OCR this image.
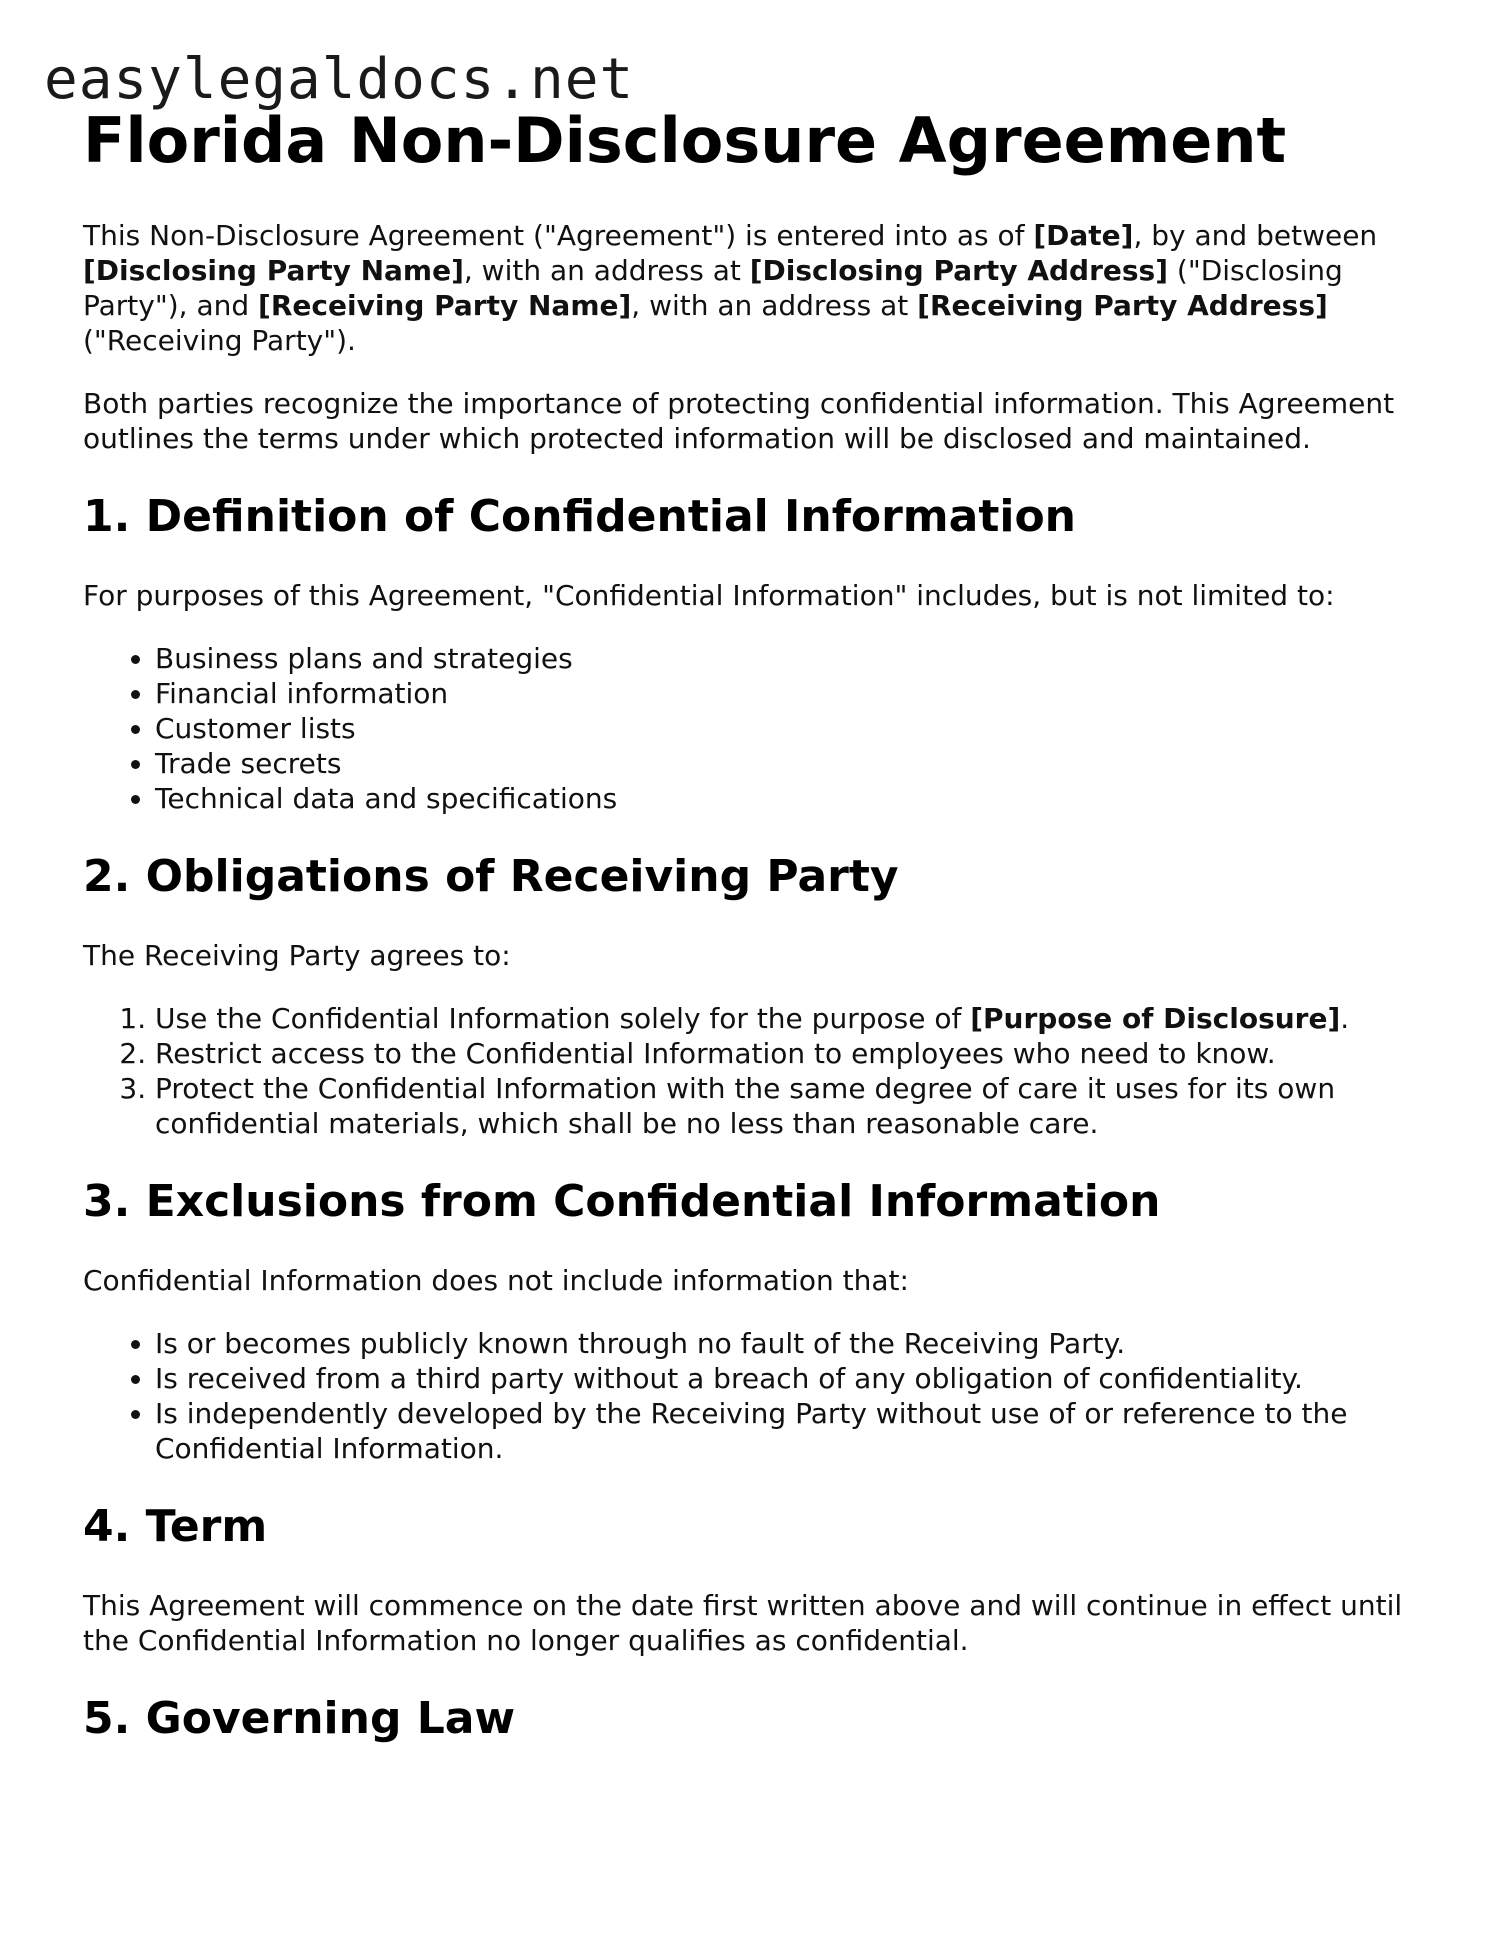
easylegaldocs.net
Florida Non-Disclosure Agreement

This Non-Disclosure Agreement ("Agreement") is entered into as of [Date], by and between [Disclosing Party Name], with an address at [Disclosing Party Address] ("Disclosing Party"), and [Receiving Party Name], with an address at [Receiving Party Address] ("Receiving Party").

Both parties recognize the importance of protecting confidential information. This Agreement outlines the terms under which protected information will be disclosed and maintained.

1. Definition of Confidential Information

For purposes of this Agreement, "Confidential Information" includes, but is not limited to:

• Business plans and strategies
• Financial information
• Customer lists
• Trade secrets
• Technical data and specifications
2. Obligations of Receiving Party

The Receiving Party agrees to:

1. Use the Confidential Information solely for the purpose of [Purpose of Disclosure].
2. Restrict access to the Confidential Information to employees who need to know.
3. Protect the Confidential Information with the same degree of care it uses for its own confidential materials, which shall be no less than reasonable care.
3. Exclusions from Confidential Information

Confidential Information does not include information that:

• Is or becomes publicly known through no fault of the Receiving Party.
• Is received from a third party without a breach of any obligation of confidentiality.
• Is independently developed by the Receiving Party without use of or reference to the Confidential Information.
4. Term

This Agreement will commence on the date first written above and will continue in effect until the Confidential Information no longer qualifies as confidential.

5. Governing Law
